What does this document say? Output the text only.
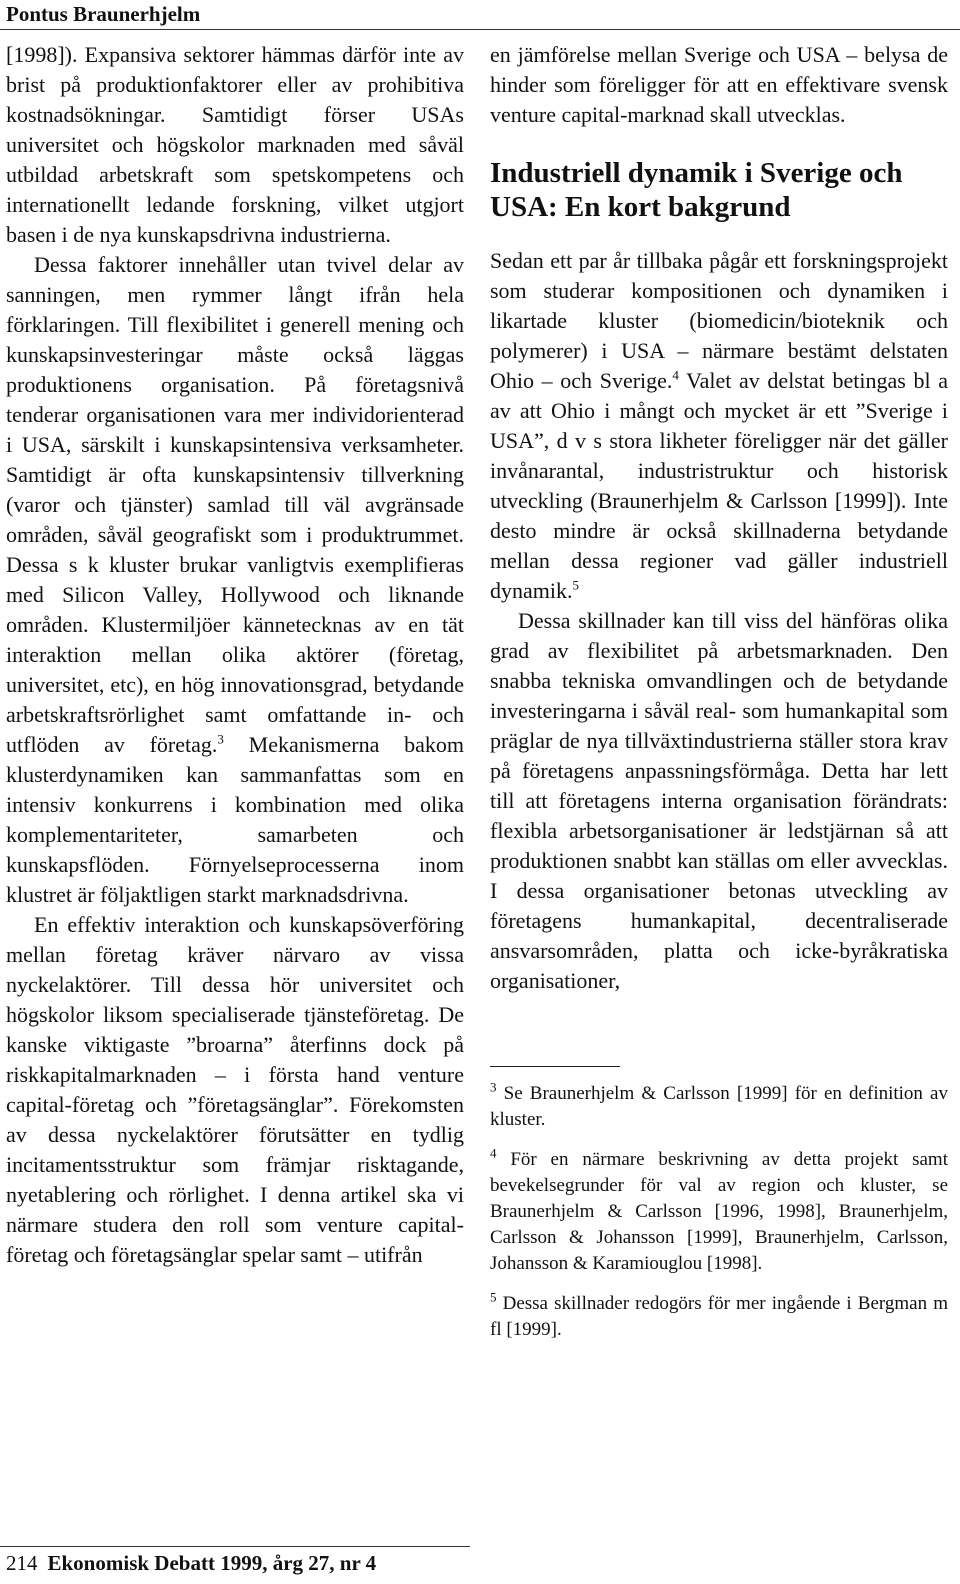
Pontus Braunerhjelm

[1998]). Expansiva sektorer hämmas därför inte av brist på produktionfaktorer eller av prohibitiva kostnadsökningar. Samtidigt förser USAs universitet och högskolor marknaden med såväl utbildad arbetskraft som spetskompetens och internationellt ledande forskning, vilket utgjort basen i de nya kunskapsdrivna industrierna.

Dessa faktorer innehåller utan tvivel delar av sanningen, men rymmer långt ifrån hela förklaringen. Till flexibilitet i generell mening och kunskapsinvesteringar måste också läggas produktionens organisation. På företagsnivå tenderar organisationen vara mer individorienterad i USA, särskilt i kunskapsintensiva verksamheter. Samtidigt är ofta kunskapsintensiv tillverkning (varor och tjänster) samlad till väl avgränsade områden, såväl geografiskt som i produktrummet. Dessa s k kluster brukar vanligtvis exemplifieras med Silicon Valley, Hollywood och liknande områden. Klustermiljöer kännetecknas av en tät interaktion mellan olika aktörer (företag, universitet, etc), en hög innovationsgrad, betydande arbetskraftsrörlighet samt omfattande in- och utflöden av företag.$^3$ Mekanismerna bakom klusterdynamiken kan sammanfattas som en intensiv konkurrens i kombination med olika komplementariteter, samarbeten och kunskapsflöden. Förnyelseprocesserna inom klustret är följaktligen starkt marknadsdrivna.

En effektiv interaktion och kunskapsöverföring mellan företag kräver närvaro av vissa nyckelaktörer. Till dessa hör universitet och högskolor liksom specialiserade tjänsteföretag. De kanske viktigaste ”broarna” återfinns dock på riskkapitalmarknaden – i första hand venture capital-företag och ”företagsänglar”. Förekomsten av dessa nyckelaktörer förutsätter en tydlig incitamentsstruktur som främjar risktagande, nyetablering och rörlighet. I denna artikel ska vi närmare studera den roll som venture capital-företag och företagsänglar spelar samt – utifrån

en jämförelse mellan Sverige och USA – belysa de hinder som föreligger för att en effektivare svensk venture capital-marknad skall utvecklas.

Industriell dynamik i Sverige och USA: En kort bakgrund

Sedan ett par år tillbaka pågår ett forskningsprojekt som studerar kompositionen och dynamiken i likartade kluster (biomedicin/bioteknik och polymerer) i USA – närmare bestämt delstaten Ohio – och Sverige.$^4$ Valet av delstat betingas bl a av att Ohio i mångt och mycket är ett ”Sverige i USA”, d v s stora likheter föreligger när det gäller invånarantal, industristruktur och historisk utveckling (Braunerhjelm & Carlsson [1999]). Inte desto mindre är också skillnaderna betydande mellan dessa regioner vad gäller industriell dynamik.$^5$

Dessa skillnader kan till viss del hänföras olika grad av flexibilitet på arbetsmarknaden. Den snabba tekniska omvandlingen och de betydande investeringarna i såväl real- som humankapital som präglar de nya tillväxtindustrierna ställer stora krav på företagens anpassningsförmåga. Detta har lett till att företagens interna organisation förändrats: flexibla arbetsorganisationer är ledstjärnan så att produktionen snabbt kan ställas om eller avvecklas. I dessa organisationer betonas utveckling av företagens humankapital, decentraliserade ansvarsområden, platta och icke-byråkratiska organisationer,

$^3$ Se Braunerhjelm & Carlsson [1999] för en definition av kluster.
$^4$ För en närmare beskrivning av detta projekt samt bevekelsegrunder för val av region och kluster, se Braunerhjelm & Carlsson [1996, 1998], Braunerhjelm, Carlsson & Johansson [1999], Braunerhjelm, Carlsson, Johansson & Karamiouglou [1998].
$^5$ Dessa skillnader redogörs för mer ingående i Bergman m fl [1999].
214 Ekonomisk Debatt 1999, årg 27, nr 4
